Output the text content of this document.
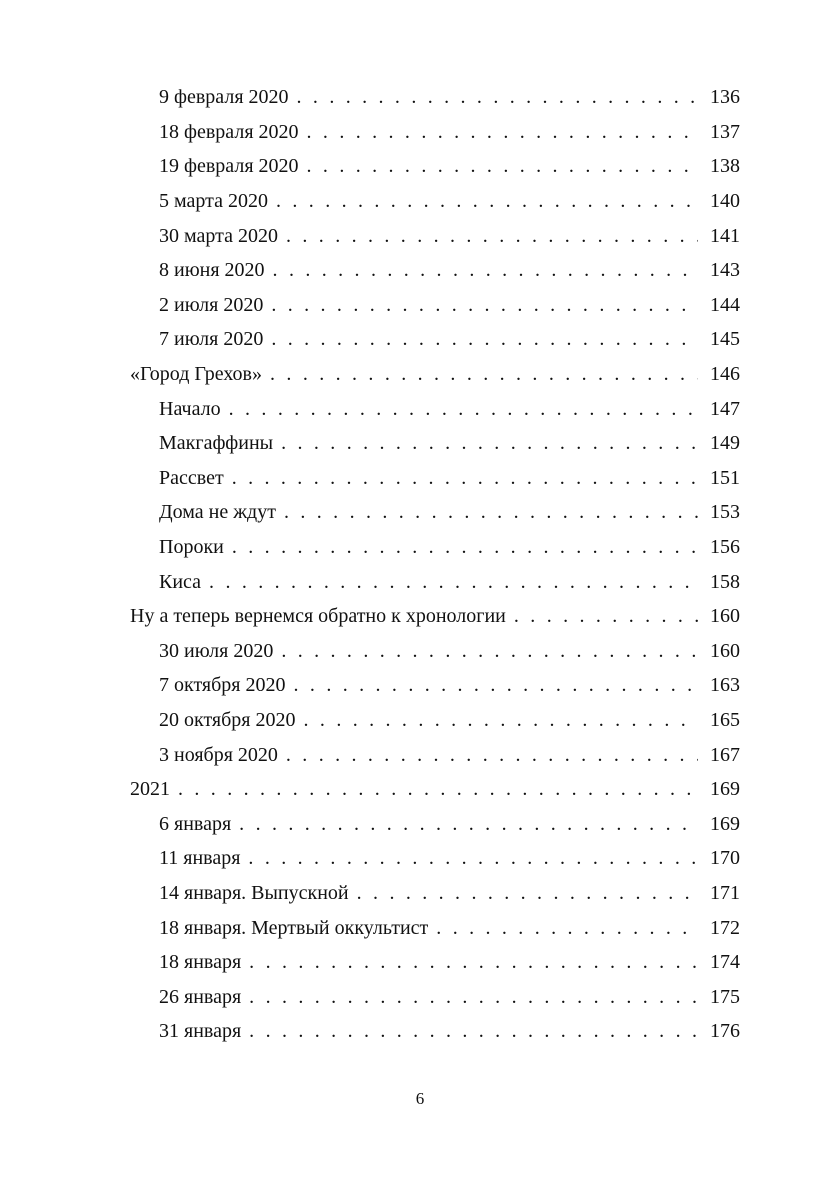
9 февраля 2020 . . .	136
18 февраля 2020 . . .	137
19 февраля 2020 . . .	138
5 марта 2020 . . .	140
30 марта 2020 . . .	141
8 июня 2020 . . .	143
2 июля 2020 . . .	144
7 июля 2020 . . .	145
«Город Грехов» . . .	146
Начало . . .	147
Макгаффины . . .	149
Рассвет . . .	151
Дома не ждут . . .	153
Пороки . . .	156
Киса . . .	158
Ну а теперь вернемся обратно к хронологии . . .	160
30 июля 2020 . . .	160
7 октября 2020 . . .	163
20 октября 2020 . . .	165
3 ноября 2020 . . .	167
2021 . . .	169
6 января . . .	169
11 января . . .	170
14 января. Выпускной . . .	171
18 января. Мертвый оккультист . . .	172
18 января . . .	174
26 января . . .	175
31 января . . .	176
6
